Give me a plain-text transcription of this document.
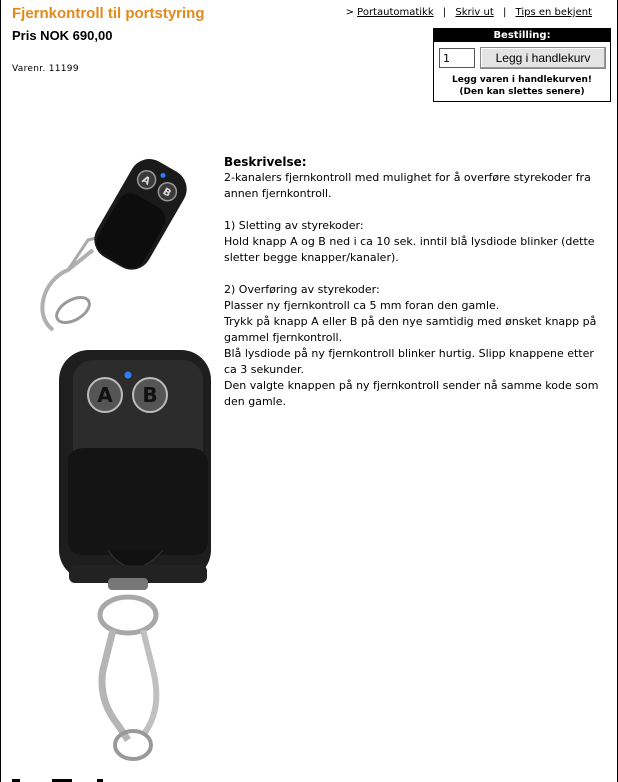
Fjernkontroll til portstyring
Pris NOK 690,00
Varenr. 11199
> Portautomatikk | Skriv ut | Tips en bekjent
Bestilling:
1
Legg i handlekurv
Legg varen i handlekurven!
(Den kan slettes senere)
A
B
A B

Beskrivelse:

2-kanalers fjernkontroll med mulighet for å overføre styrekoder fra annen fjernkontroll.

1) Sletting av styrekoder:

Hold knapp A og B ned i ca 10 sek. inntil blå lysdiode blinker (dette sletter begge knapper/kanaler).

2) Overføring av styrekoder:

Plasser ny fjernkontroll ca 5 mm foran den gamle.

Trykk på knapp A eller B på den nye samtidig med ønsket knapp på gammel fjernkontroll.

Blå lysdiode på ny fjernkontroll blinker hurtig. Slipp knappene etter ca 3 sekunder.

Den valgte knappen på ny fjernkontroll sender nå samme kode som den gamle.
